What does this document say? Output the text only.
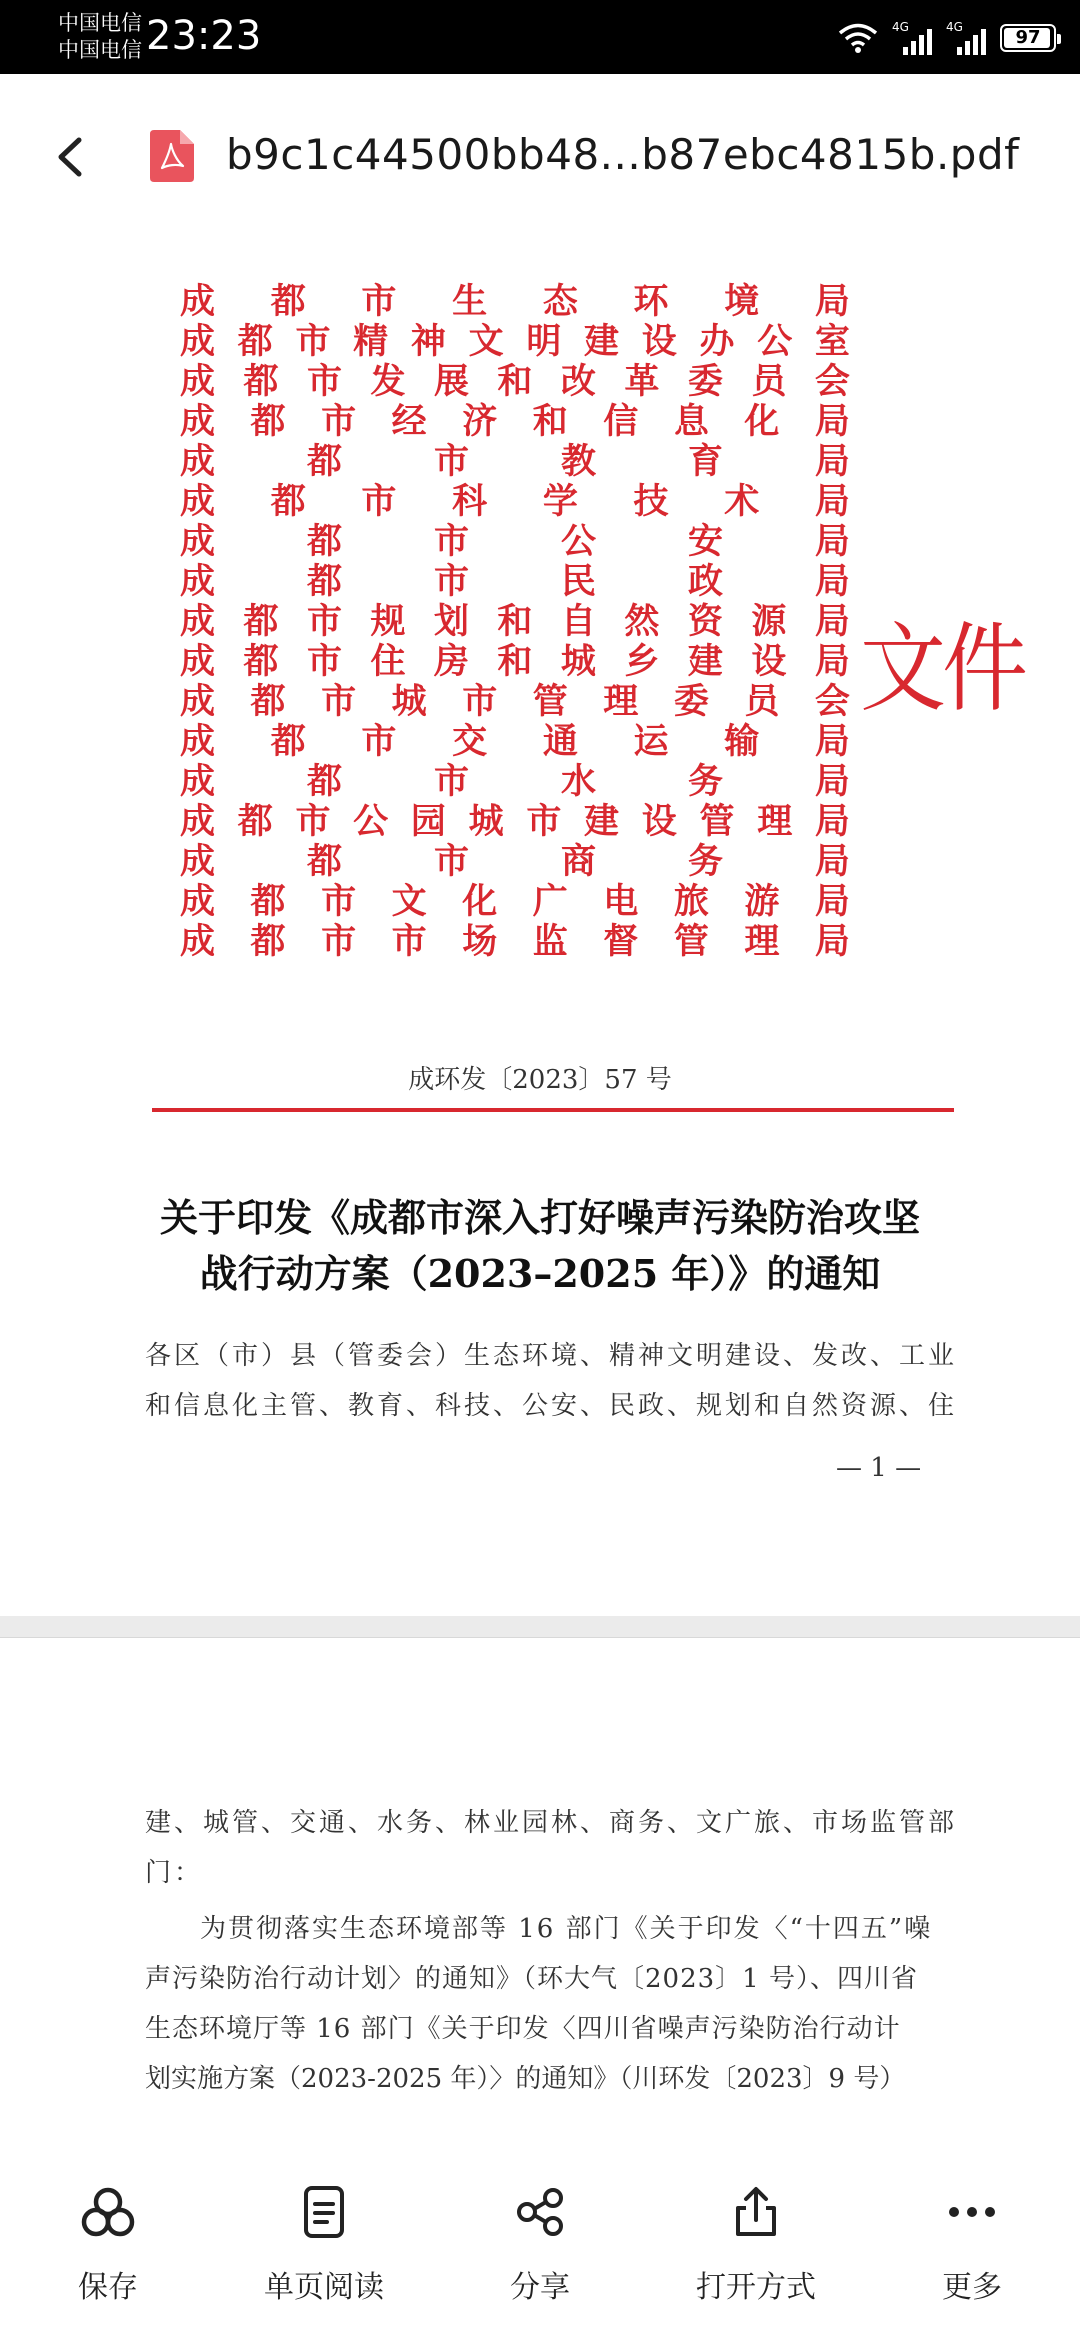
中国电信
中国电信 23:23	4G	4G	97
b9c1c44500bb48...b87ebc4815b.pdf
成 都 市 生 态 环 境 局
成 都 市 精 神 文 明 建 设 办 公 室
成 都 市 发 展 和 改 革 委 员 会
成 都 市 经 济 和 信 息 化 局
成	都	市	教	育	局
成 都 市 科 学 技 术 局
成	都	市	公	安	局
成	都	市	民	政	局
成 都 市 规 划 和 自 然 资 源 局
成 都 市 住 房 和 城 乡 建 设 局
成 都 市 城 市 管 理 委 员 会
成 都 市 交 通 运 输 局
成	都	市	水	务	局
成 都 市 公 园 城 市 建 设 管 理 局
成	都	市	商	务	局
成 都 市 文 化 广 电 旅 游 局
成 都 市 市 场 监 督 管 理 局
文件
成环发〔2023〕57 号
关于印发《成都市深入打好噪声污染防治攻坚
战行动方案（2023–2025 年）》的通知
各区（市）县（管委会）生态环境、精神文明建设、发改、工业
和信息化主管、教育、科技、公安、民政、规划和自然资源、住
— 1 —
建、城管、交通、水务、林业园林、商务、文广旅、市场监管部
门：
为贯彻落实生态环境部等 16 部门《关于印发〈“十四五”噪
声污染防治行动计划〉的通知》（环大气〔2023〕1 号）、四川省
生态环境厅等 16 部门《关于印发〈四川省噪声污染防治行动计
划实施方案（2023-2025 年）〉的通知》（川环发〔2023〕9 号）
保存	单页阅读	分享	打开方式	更多
